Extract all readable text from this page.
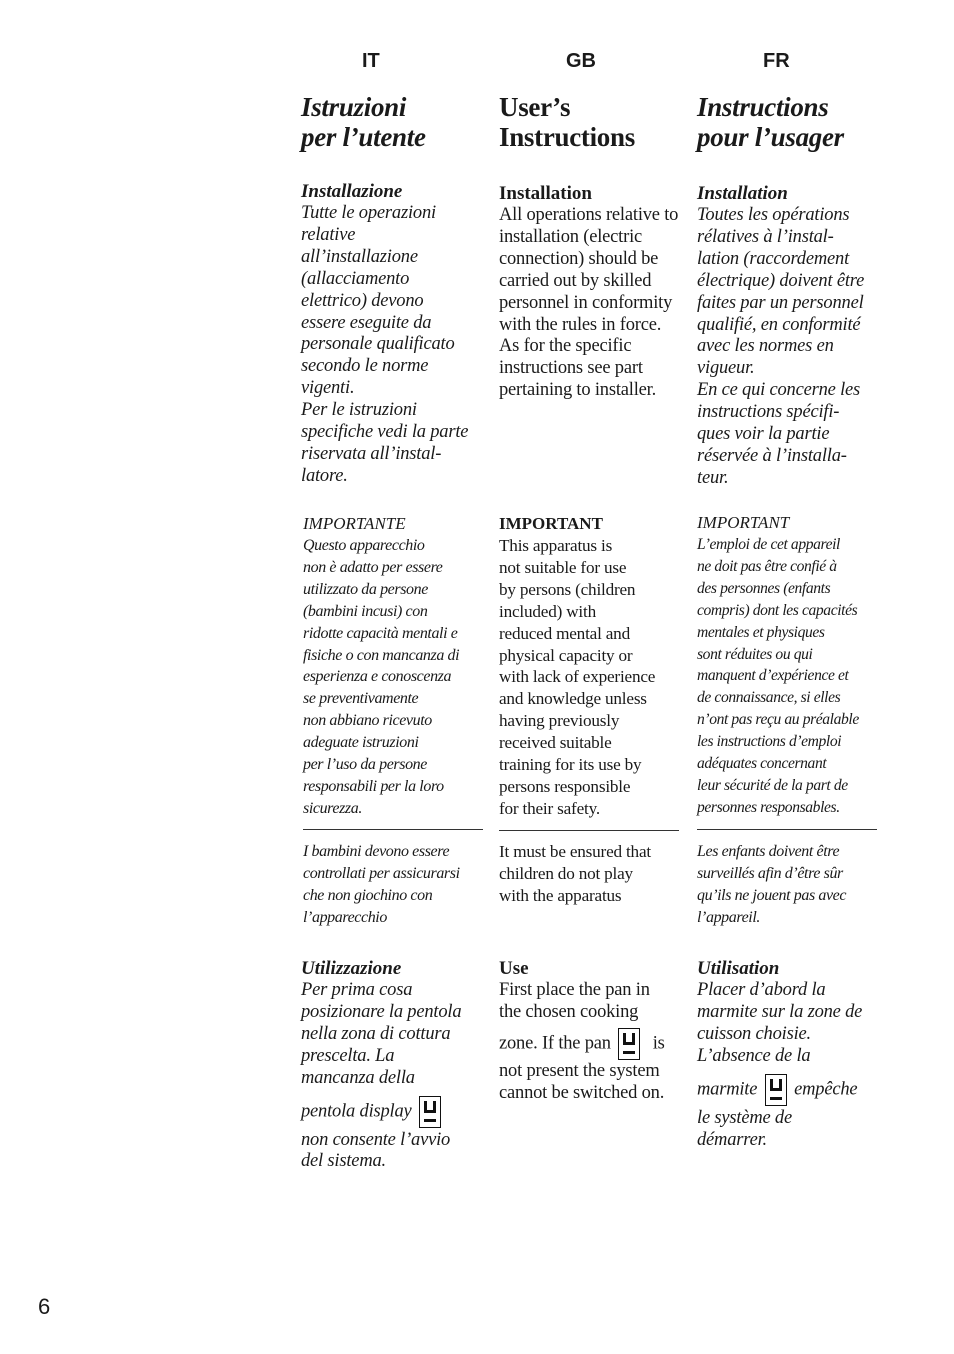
IT	GB	FR
Istruzioni
per l’utente
Installazione
Tutte le operazioni
relative
all’installazione
(allacciamento
elettrico) devono
essere eseguite da
personale qualificato
secondo le norme
vigenti.
Per le istruzioni
specifiche vedi la parte
riservata all’instal-
latore.
IMPORTANTE
Questo apparecchio
non è adatto per essere
utilizzato da persone
(bambini incusi) con
ridotte capacità mentali e
fisiche o con mancanza di
esperienza e conoscenza
se preventivamente
non abbiano ricevuto
adeguate istruzioni
per l’uso da persone
responsabili per la loro
sicurezza.
I bambini devono essere
controllati per assicurarsi
che non giochino con
l’apparecchio
Utilizzazione
Per prima cosa
posizionare la pentola
nella zona di cottura
prescelta. La
mancanza della
pentola display
non consente l’avvio
del sistema.
User’s
Instructions
Installation
All operations relative to
installation (electric
connection) should be
carried out by skilled
personnel in conformity
with the rules in force.
As for the specific
instructions see part
pertaining to installer.
IMPORTANT
This apparatus is
not suitable for use
by persons (children
included) with
reduced mental and
physical capacity or
with lack of experience
and knowledge unless
having previously
received suitable
training for its use by
persons responsible
for their safety.
It must be ensured that
children do not play
with the apparatus
Use
First place the pan in
the chosen cooking
zone. If the pan is
not present the system
cannot be switched on.
Instructions
pour l’usager
Installation
Toutes les opérations
rélatives à l’instal-
lation (raccordement
électrique) doivent être
faites par un personnel
qualifié, en conformité
avec les normes en
vigueur.
En ce qui concerne les
instructions spécifi-
ques voir la partie
réservée à l’installa-
teur.
IMPORTANT
L’emploi de cet appareil
ne doit pas être confié à
des personnes (enfants
compris) dont les capacités
mentales et physiques
sont réduites ou qui
manquent d’expérience et
de connaissance, si elles
n’ont pas reçu au préalable
les instructions d’emploi
adéquates concernant
leur sécurité de la part de
personnes responsables.
Les enfants doivent être
surveillés afin d’être sûr
qu’ils ne jouent pas avec
l’appareil.
Utilisation
Placer d’abord la
marmite sur la zone de
cuisson choisie.
L’absence de la
marmite empêche
le système de
démarrer.
6
